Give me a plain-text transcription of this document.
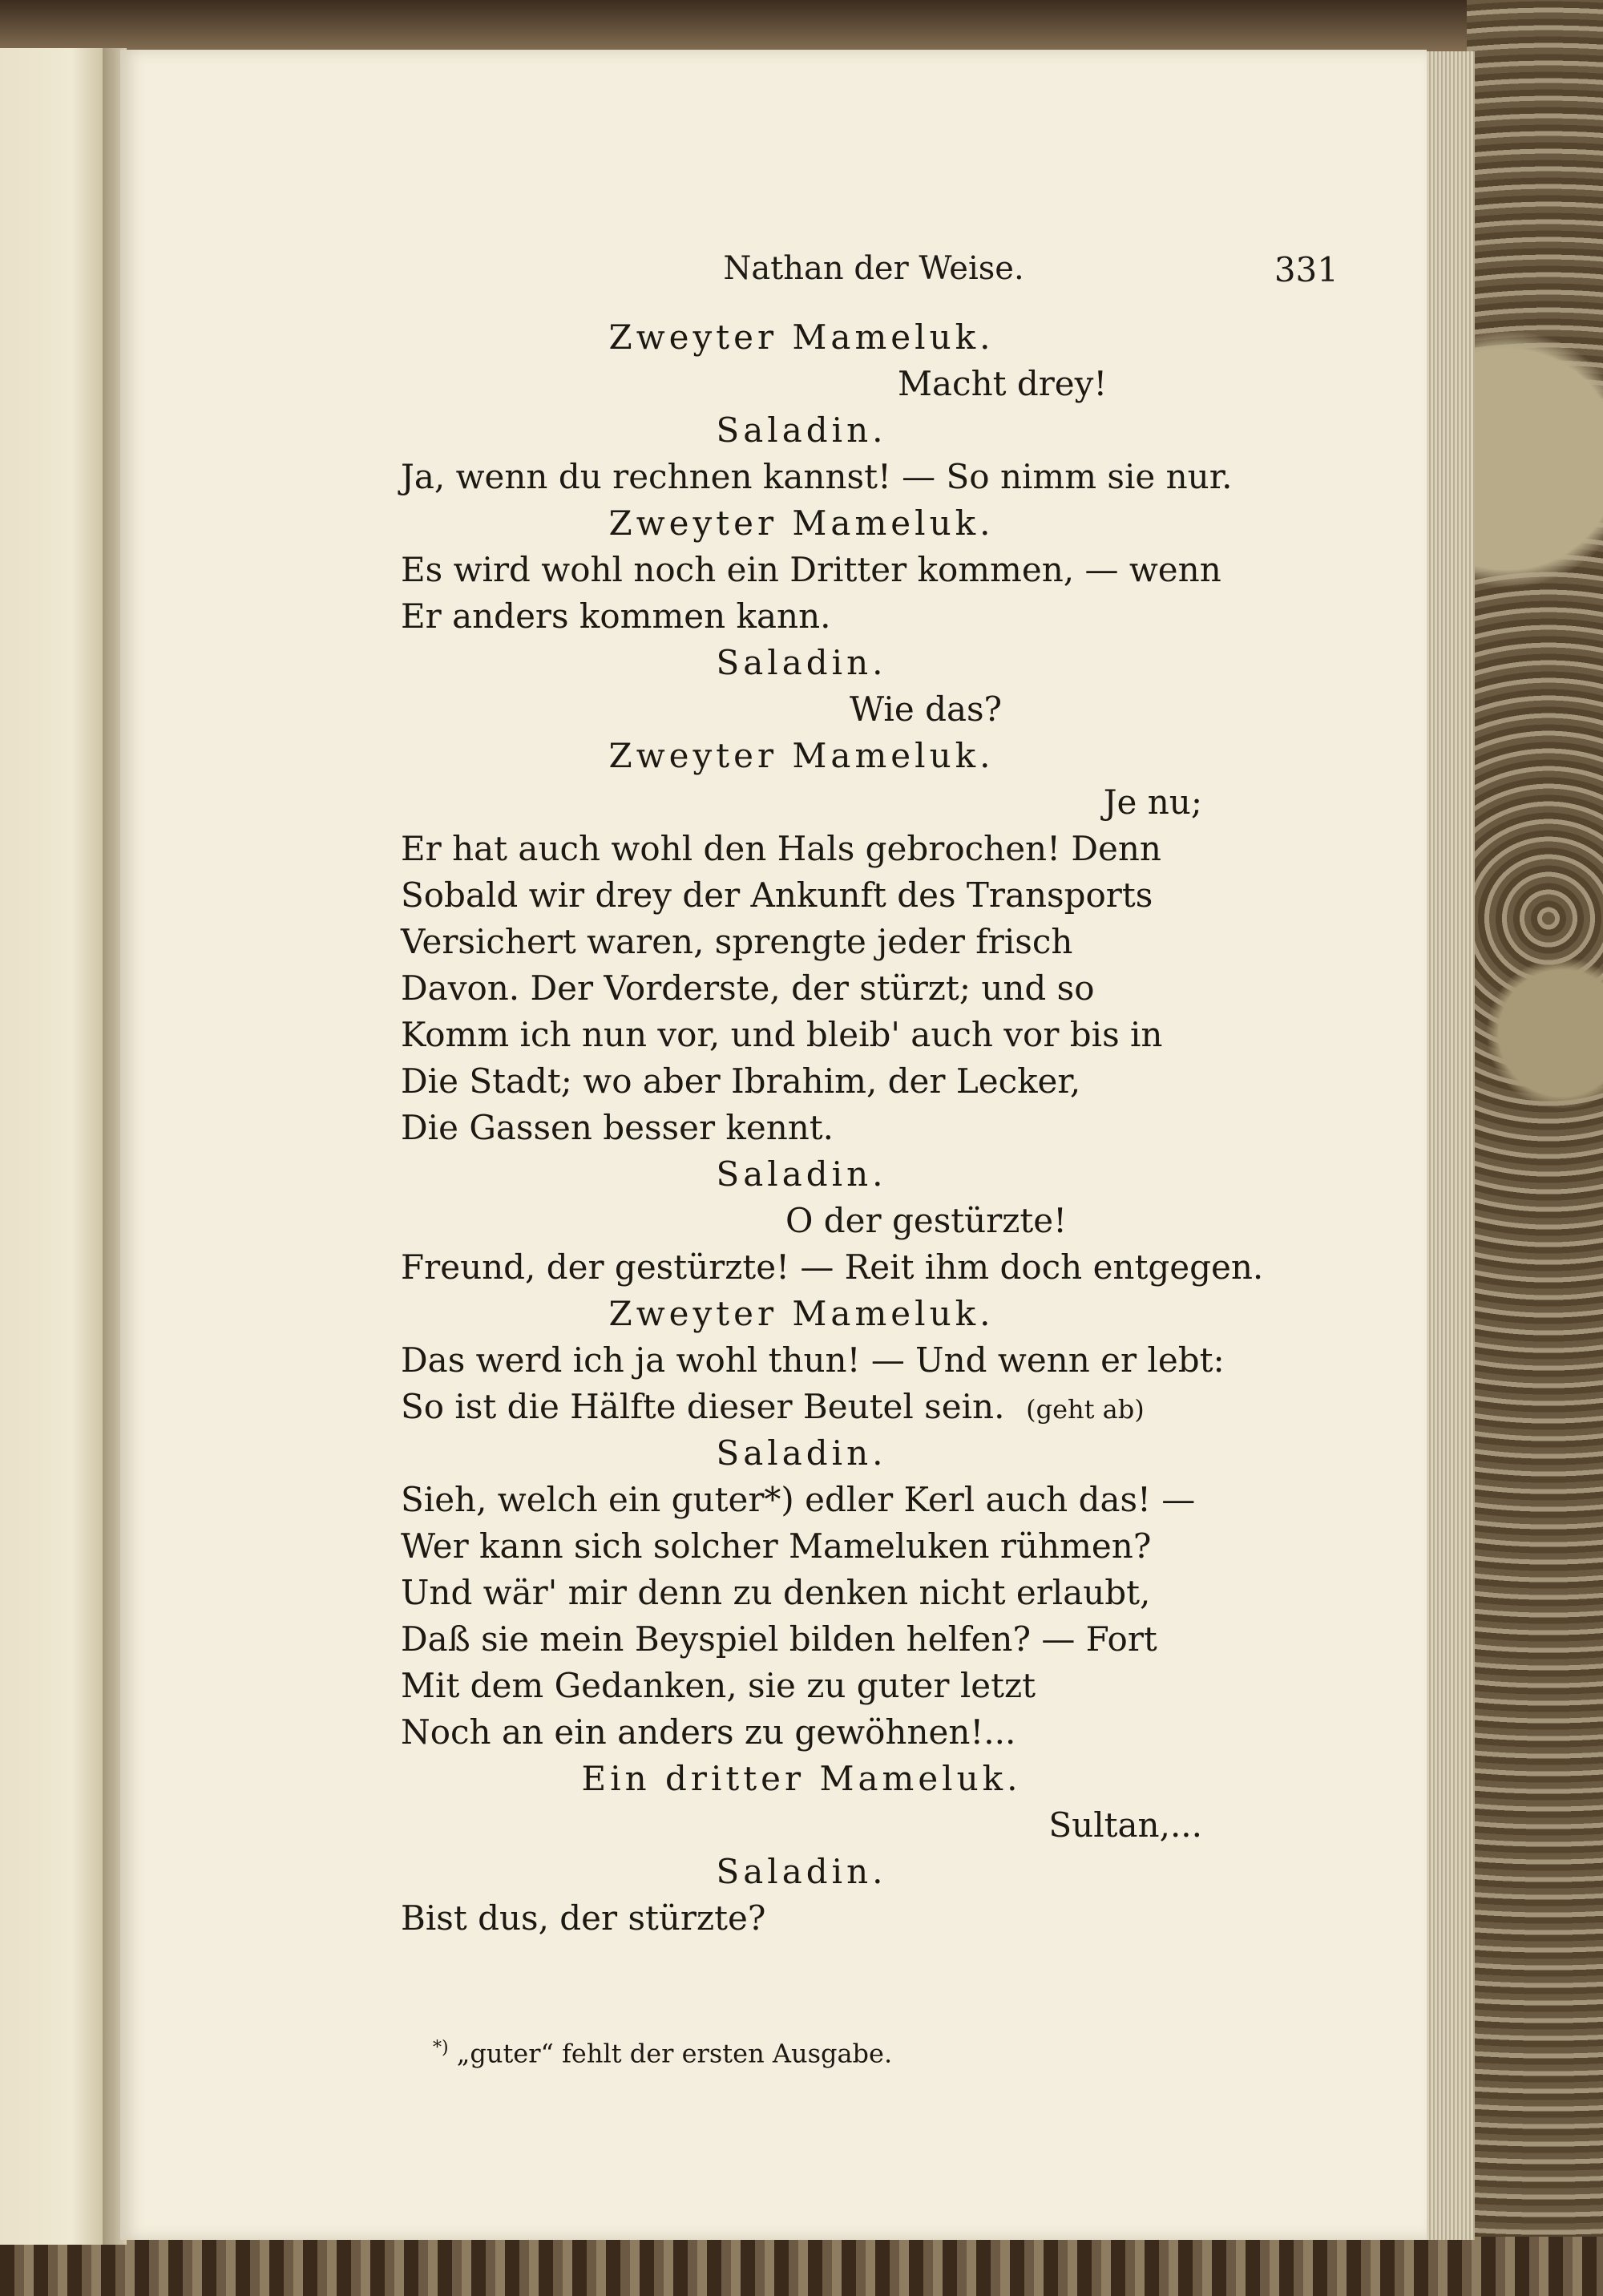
Nathan der Weise.	331
Zweyter Mameluk.
Macht drey!
Saladin.
Ja, wenn du rechnen kannst! — So nimm sie nur.
Zweyter Mameluk.
Es wird wohl noch ein Dritter kommen, — wenn
Er anders kommen kann.
Saladin.
Wie das?
Zweyter Mameluk.
Je nu;
Er hat auch wohl den Hals gebrochen! Denn
Sobald wir drey der Ankunft des Transports
Versichert waren, sprengte jeder frisch
Davon. Der Vorderste, der stürzt; und so
Komm ich nun vor, und bleib' auch vor bis in
Die Stadt; wo aber Ibrahim, der Lecker,
Die Gassen besser kennt.
Saladin.
O der gestürzte!
Freund, der gestürzte! — Reit ihm doch entgegen.
Zweyter Mameluk.
Das werd ich ja wohl thun! — Und wenn er lebt:
So ist die Hälfte dieser Beutel sein. (geht ab)
Saladin.
Sieh, welch ein guter*) edler Kerl auch das! —
Wer kann sich solcher Mameluken rühmen?
Und wär' mir denn zu denken nicht erlaubt,
Daß sie mein Beyspiel bilden helfen? — Fort
Mit dem Gedanken, sie zu guter letzt
Noch an ein anders zu gewöhnen!...
Ein dritter Mameluk.
Sultan,...
Saladin.
Bist dus, der stürzte?
*) „guter“ fehlt der ersten Ausgabe.
